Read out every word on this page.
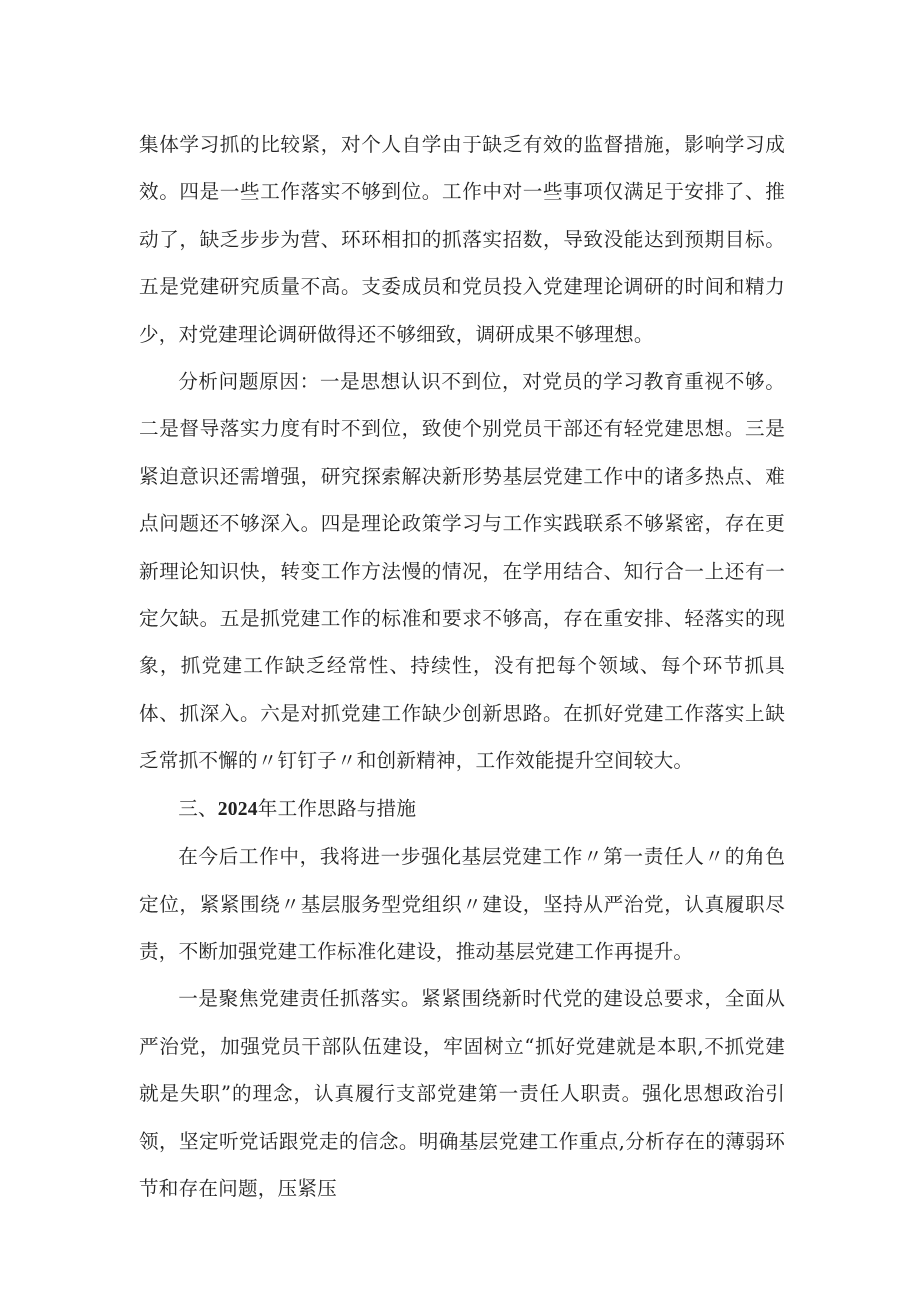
集体学习抓的比较紧，对个人自学由于缺乏有效的监督措施，影响学习成效。四是一些工作落实不够到位。工作中对一些事项仅满足于安排了、推动了，缺乏步步为营、环环相扣的抓落实招数，导致没能达到预期目标。五是党建研究质量不高。支委成员和党员投入党建理论调研的时间和精力少，对党建理论调研做得还不够细致，调研成果不够理想。

分析问题原因：一是思想认识不到位，对党员的学习教育重视不够。二是督导落实力度有时不到位，致使个别党员干部还有轻党建思想。三是紧迫意识还需增强，研究探索解决新形势基层党建工作中的诸多热点、难点问题还不够深入。四是理论政策学习与工作实践联系不够紧密，存在更新理论知识快，转变工作方法慢的情况，在学用结合、知行合一上还有一定欠缺。五是抓党建工作的标准和要求不够高，存在重安排、轻落实的现象，抓党建工作缺乏经常性、持续性，没有把每个领域、每个环节抓具体、抓深入。六是对抓党建工作缺少创新思路。在抓好党建工作落实上缺乏常抓不懈的〃钉钉子〃和创新精神，工作效能提升空间较大。

三、2024年工作思路与措施

在今后工作中，我将进一步强化基层党建工作〃第一责任人〃的角色定位，紧紧围绕〃基层服务型党组织〃建设，坚持从严治党，认真履职尽责，不断加强党建工作标准化建设，推动基层党建工作再提升。

一是聚焦党建责任抓落实。紧紧围绕新时代党的建设总要求，全面从严治党，加强党员干部队伍建设，牢固树立“抓好党建就是本职,不抓党建就是失职”的理念，认真履行支部党建第一责任人职责。强化思想政治引领，坚定听党话跟党走的信念。明确基层党建工作重点,分析存在的薄弱环节和存在问题，压紧压
